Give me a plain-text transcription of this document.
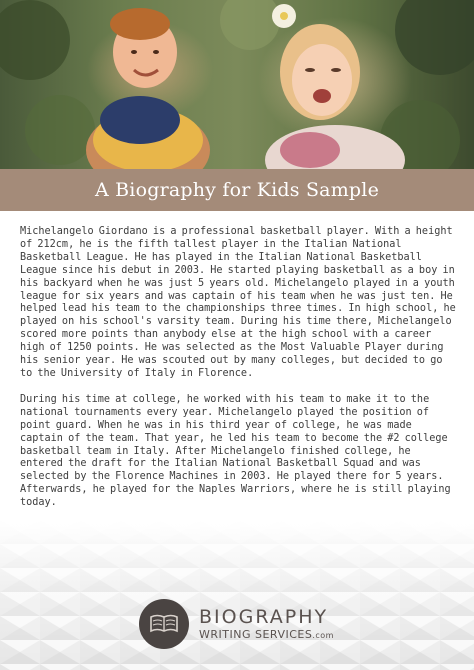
A Biography for Kids Sample

Michelangelo Giordano is a professional basketball player. With a height of 212cm, he is the fifth tallest player in the Italian National Basketball League. He has played in the Italian National Basketball League since his debut in 2003. He started playing basketball as a boy in his backyard when he was just 5 years old. Michelangelo played in a youth league for six years and was captain of his team when he was just ten. He helped lead his team to the championships three times. In high school, he played on his school's varsity team. During his time there, Michelangelo scored more points than anybody else at the high school with a career high of 1250 points. He was selected as the Most Valuable Player during his senior year. He was scouted out by many colleges, but decided to go to the University of Italy in Florence.

During his time at college, he worked with his team to make it to the national tournaments every year. Michelangelo played the position of point guard. When he was in his third year of college, he was made captain of the team. That year, he led his team to become the #2 college basketball team in Italy. After Michelangelo finished college, he entered the draft for the Italian National Basketball Squad and was selected by the Florence Machines in 2003. He played there for 5 years. Afterwards, he played for the Naples Warriors, where he is still playing today.

BIOGRAPHY
WRITING SERVICES.com
